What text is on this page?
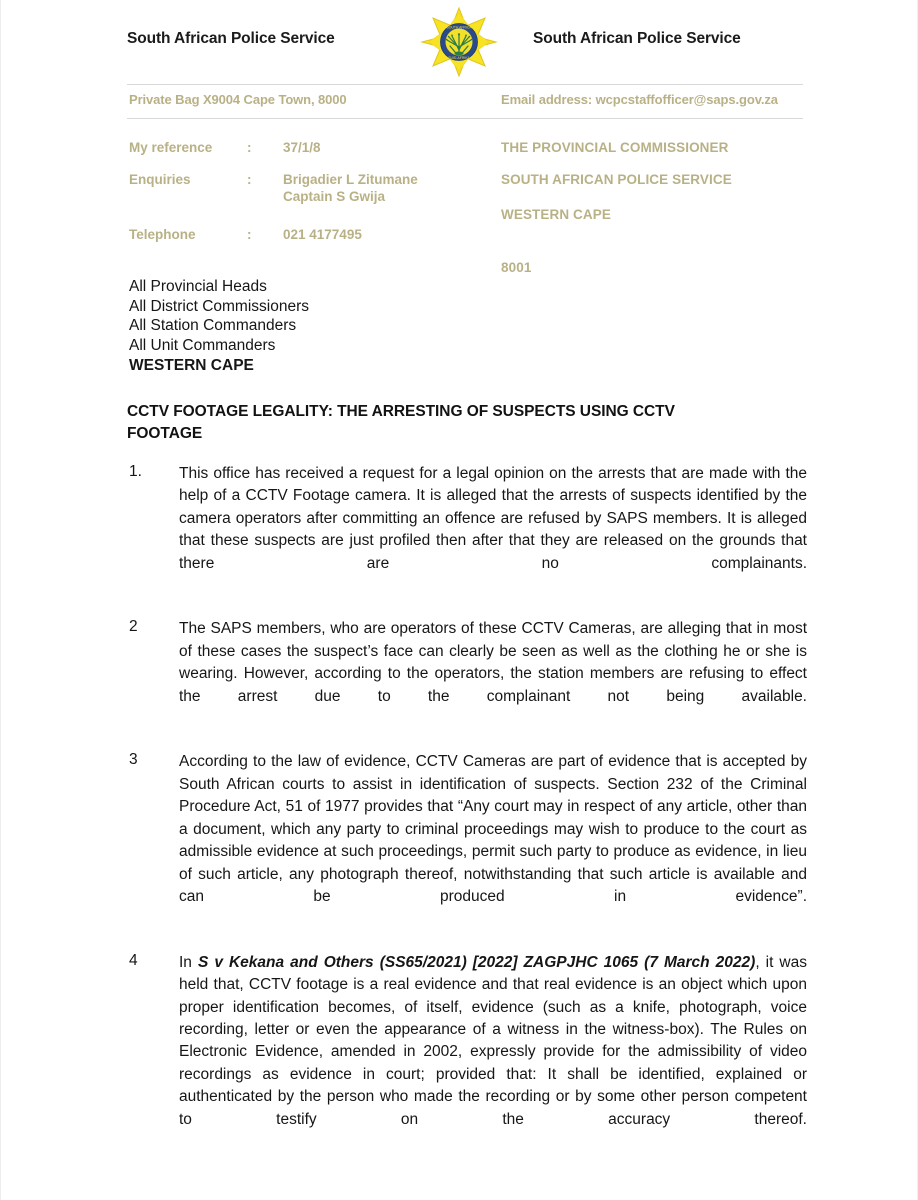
South African Police Service
SOUTH AFRICA
SUID-AFRIKA
South African Police Service
Private Bag X9004 Cape Town, 8000	Email address: wcpcstaffofficer@saps.gov.za
My reference	: 37/1/8
Enquiries	: Brigadier L Zitumane
Captain S Gwija
Telephone	: 021 4177495
THE PROVINCIAL COMMISSIONER
SOUTH AFRICAN POLICE SERVICE
WESTERN CAPE
8001
All Provincial Heads
All District Commissioners
All Station Commanders
All Unit Commanders
WESTERN CAPE
CCTV FOOTAGE LEGALITY: THE ARRESTING OF SUSPECTS USING CCTV
FOOTAGE
1. This office has received a request for a legal opinion on the arrests that are made with the help of a CCTV Footage camera. It is alleged that the arrests of suspects identified by the camera operators after committing an offence are refused by SAPS members. It is alleged that these suspects are just profiled then after that they are released on the grounds that there are no complainants.
2	The SAPS members, who are operators of these CCTV Cameras, are alleging that in most of these cases the suspect’s face can clearly be seen as well as the clothing he or she is wearing. However, according to the operators, the station members are refusing to effect the arrest due to the complainant not being available.
3	According to the law of evidence, CCTV Cameras are part of evidence that is accepted by South African courts to assist in identification of suspects. Section 232 of the Criminal Procedure Act, 51 of 1977 provides that “Any court may in respect of any article, other than a document, which any party to criminal proceedings may wish to produce to the court as admissible evidence at such proceedings, permit such party to produce as evidence, in lieu of such article, any photograph thereof, notwithstanding that such article is available and can be produced in evidence”.
4	In S v Kekana and Others (SS65/2021) [2022] ZAGPJHC 1065 (7 March 2022), it was held that, CCTV footage is a real evidence and that real evidence is an object which upon proper identification becomes, of itself, evidence (such as a knife, photograph, voice recording, letter or even the appearance of a witness in the witness-box). The Rules on Electronic Evidence, amended in 2002, expressly provide for the admissibility of video recordings as evidence in court; provided that: It shall be identified, explained or authenticated by the person who made the recording or by some other person competent to testify on the accuracy thereof.
